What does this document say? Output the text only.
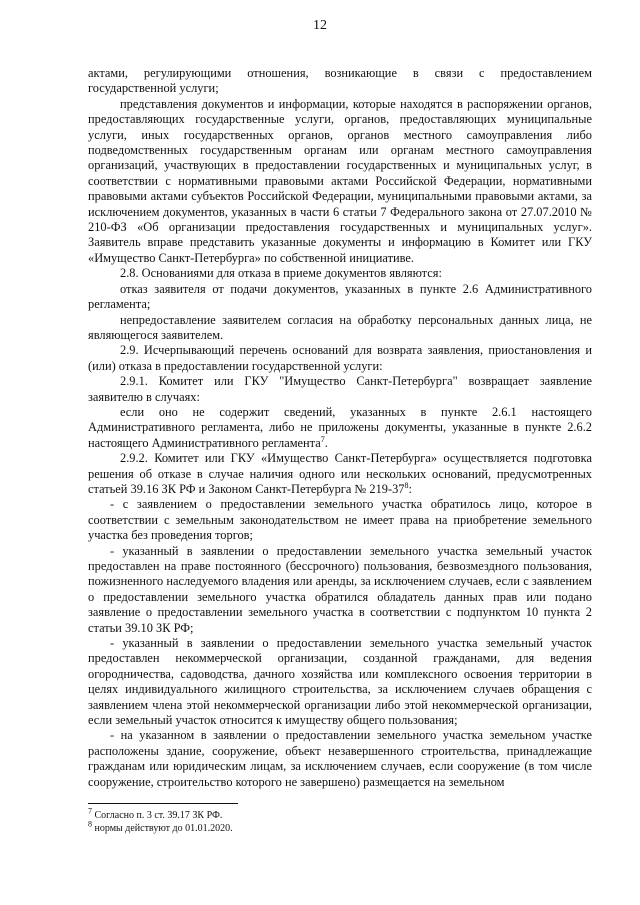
12

актами, регулирующими отношения, возникающие в связи с предоставлением государственной услуги;

представления документов и информации, которые находятся в распоряжении органов, предоставляющих государственные услуги, органов, предоставляющих муниципальные услуги, иных государственных органов, органов местного самоуправления либо подведомственных государственным органам или органам местного самоуправления организаций, участвующих в предоставлении государственных и муниципальных услуг, в соответствии с нормативными правовыми актами Российской Федерации, нормативными правовыми актами субъектов Российской Федерации, муниципальными правовыми актами, за исключением документов, указанных в части 6 статьи 7 Федерального закона от 27.07.2010 № 210-ФЗ «Об организации предоставления государственных и муниципальных услуг». Заявитель вправе представить указанные документы и информацию в Комитет или ГКУ «Имущество Санкт-Петербурга» по собственной инициативе.

2.8. Основаниями для отказа в приеме документов являются:

отказ заявителя от подачи документов, указанных в пункте 2.6 Административного регламента;

непредоставление заявителем согласия на обработку персональных данных лица, не являющегося заявителем.

2.9. Исчерпывающий перечень оснований для возврата заявления, приостановления и (или) отказа в предоставлении государственной услуги:

2.9.1. Комитет или ГКУ "Имущество Санкт-Петербурга" возвращает заявление заявителю в случаях:

если оно не содержит сведений, указанных в пункте 2.6.1 настоящего Административного регламента, либо не приложены документы, указанные в пункте 2.6.2 настоящего Административного регламента$^7$.

2.9.2. Комитет или ГКУ «Имущество Санкт-Петербурга» осуществляется подготовка решения об отказе в случае наличия одного или нескольких оснований, предусмотренных статьей 39.16 ЗК РФ и Законом Санкт-Петербурга № $219-37^8$:

- с заявлением о предоставлении земельного участка обратилось лицо, которое в соответствии с земельным законодательством не имеет права на приобретение земельного участка без проведения торгов;

- указанный в заявлении о предоставлении земельного участка земельный участок предоставлен на праве постоянного (бессрочного) пользования, безвозмездного пользования, пожизненного наследуемого владения или аренды, за исключением случаев, если с заявлением о предоставлении земельного участка обратился обладатель данных прав или подано заявление о предоставлении земельного участка в соответствии с подпунктом 10 пункта 2 статьи 39.10 ЗК РФ;

- указанный в заявлении о предоставлении земельного участка земельный участок предоставлен некоммерческой организации, созданной гражданами, для ведения огородничества, садоводства, дачного хозяйства или комплексного освоения территории в целях индивидуального жилищного строительства, за исключением случаев обращения с заявлением члена этой некоммерческой организации либо этой некоммерческой организации, если земельный участок относится к имуществу общего пользования;

- на указанном в заявлении о предоставлении земельного участка земельном участке расположены здание, сооружение, объект незавершенного строительства, принадлежащие гражданам или юридическим лицам, за исключением случаев, если сооружение (в том числе сооружение, строительство которого не завершено) размещается на земельном

$^7$ Согласно п. 3 ст. 39.17 ЗК РФ.
$^8$ нормы действуют до 01.01.2020.
